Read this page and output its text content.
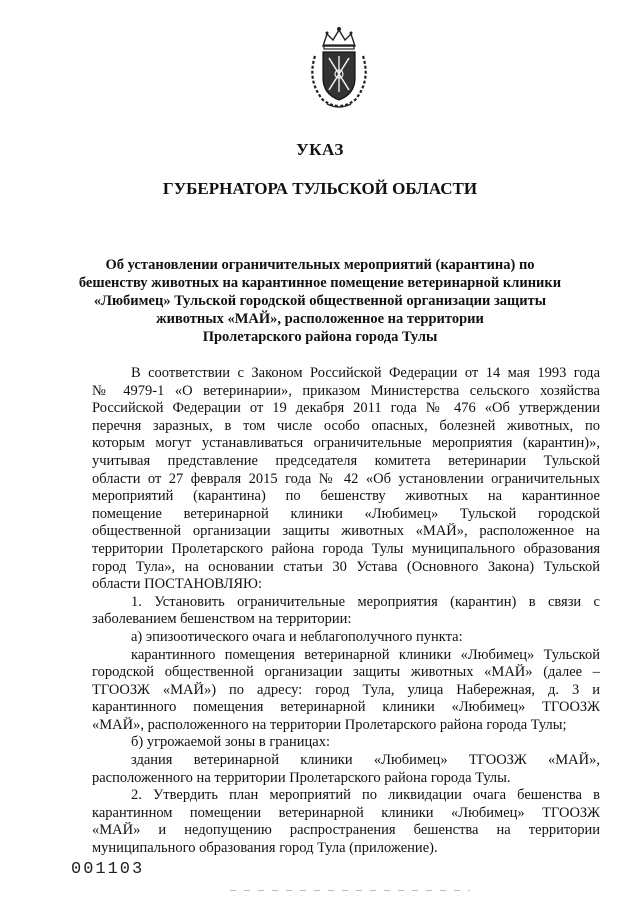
УКАЗ
ГУБЕРНАТОРА ТУЛЬСКОЙ ОБЛАСТИ
Об установлении ограничительных мероприятий (карантина) по
бешенству животных на карантинное помещение ветеринарной клиники
«Любимец» Тульской городской общественной организации защиты
животных «МАЙ», расположенное на территории
Пролетарского района города Тулы
В соответствии с Законом Российской Федерации от 14 мая 1993 года
№ 4979-1 «О ветеринарии», приказом Министерства сельского хозяйства
Российской Федерации от 19 декабря 2011 года № 476 «Об утверждении
перечня заразных, в том числе особо опасных, болезней животных, по
которым могут устанавливаться ограничительные мероприятия (карантин)»,
учитывая представление председателя комитета ветеринарии Тульской
области от 27 февраля 2015 года № 42 «Об установлении ограничительных
мероприятий (карантина) по бешенству животных на карантинное
помещение ветеринарной клиники «Любимец» Тульской городской
общественной организации защиты животных «МАЙ», расположенное на
территории Пролетарского района города Тулы муниципального образования
город Тула», на основании статьи 30 Устава (Основного Закона) Тульской
области ПОСТАНОВЛЯЮ:
1. Установить ограничительные мероприятия (карантин) в связи с
заболеванием бешенством на территории:
а) эпизоотического очага и неблагополучного пункта:
карантинного помещения ветеринарной клиники «Любимец» Тульской
городской общественной организации защиты животных «МАЙ» (далее –
ТГООЗЖ «МАЙ») по адресу: город Тула, улица Набережная, д. 3 и
карантинного помещения ветеринарной клиники «Любимец» ТГООЗЖ
«МАЙ», расположенного на территории Пролетарского района города Тулы;
б) угрожаемой зоны в границах:
здания ветеринарной клиники «Любимец» ТГООЗЖ «МАЙ»,
расположенного на территории Пролетарского района города Тулы.
2. Утвердить план мероприятий по ликвидации очага бешенства в
карантинном помещении ветеринарной клиники «Любимец» ТГООЗЖ
«МАЙ» и недопущению распространения бешенства на территории
муниципального образования город Тула (приложение).
001103
